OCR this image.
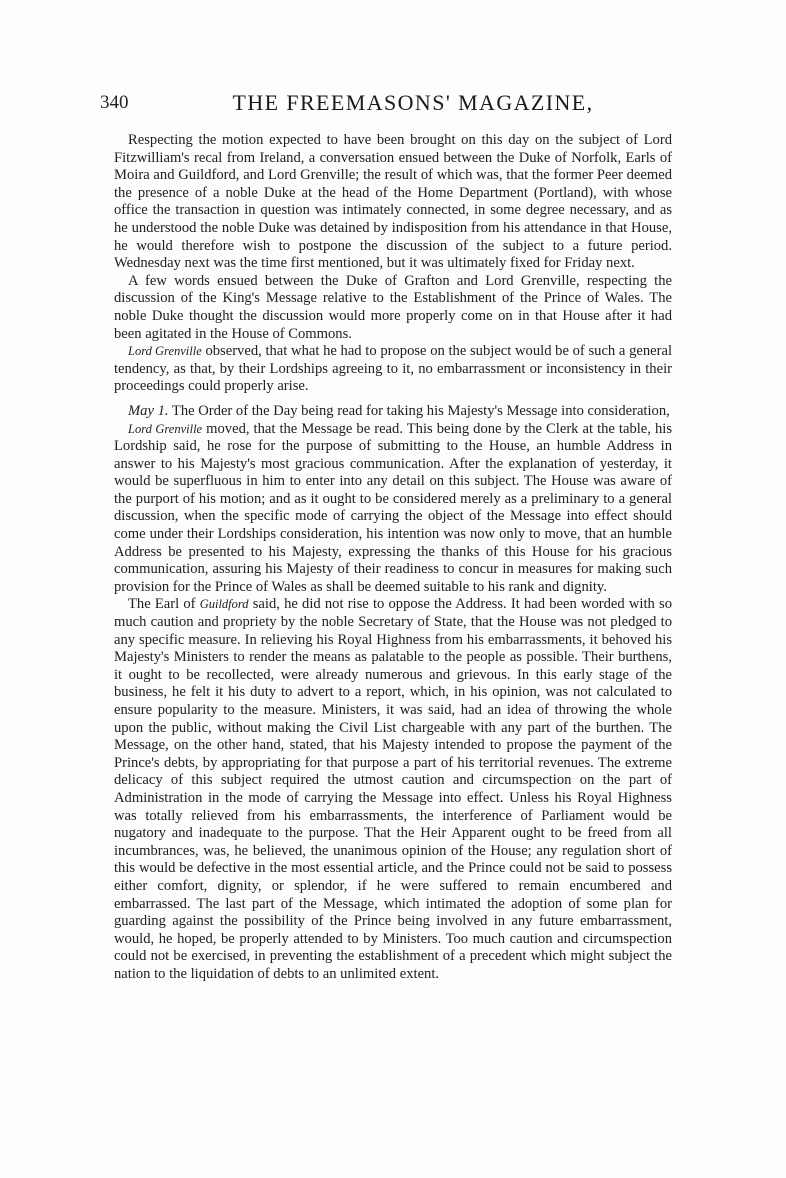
340	THE FREEMASONS' MAGAZINE,

Respecting the motion expected to have been brought on this day on the subject of Lord Fitzwilliam's recal from Ireland, a conversation ensued between the Duke of Norfolk, Earls of Moira and Guildford, and Lord Grenville; the result of which was, that the former Peer deemed the presence of a noble Duke at the head of the Home Department (Portland), with whose office the transaction in question was intimately connected, in some degree necessary, and as he understood the noble Duke was detained by indisposition from his attendance in that House, he would therefore wish to postpone the discussion of the subject to a future period. Wednesday next was the time first mentioned, but it was ultimately fixed for Friday next.

A few words ensued between the Duke of Grafton and Lord Grenville, respecting the discussion of the King's Message relative to the Establishment of the Prince of Wales. The noble Duke thought the discussion would more properly come on in that House after it had been agitated in the House of Commons.

Lord Grenville observed, that what he had to propose on the subject would be of such a general tendency, as that, by their Lordships agreeing to it, no embarrassment or inconsistency in their proceedings could properly arise.

May 1. The Order of the Day being read for taking his Majesty's Message into consideration,

Lord Grenville moved, that the Message be read. This being done by the Clerk at the table, his Lordship said, he rose for the purpose of submitting to the House, an humble Address in answer to his Majesty's most gracious communication. After the explanation of yesterday, it would be superfluous in him to enter into any detail on this subject. The House was aware of the purport of his motion; and as it ought to be considered merely as a preliminary to a general discussion, when the specific mode of carrying the object of the Message into effect should come under their Lordships consideration, his intention was now only to move, that an humble Address be presented to his Majesty, expressing the thanks of this House for his gracious communication, assuring his Majesty of their readiness to concur in measures for making such provision for the Prince of Wales as shall be deemed suitable to his rank and dignity.

The Earl of Guildford said, he did not rise to oppose the Address. It had been worded with so much caution and propriety by the noble Secretary of State, that the House was not pledged to any specific measure. In relieving his Royal Highness from his embarrassments, it behoved his Majesty's Ministers to render the means as palatable to the people as possible. Their burthens, it ought to be recollected, were already numerous and grievous. In this early stage of the business, he felt it his duty to advert to a report, which, in his opinion, was not calculated to ensure popularity to the measure. Ministers, it was said, had an idea of throwing the whole upon the public, without making the Civil List chargeable with any part of the burthen. The Message, on the other hand, stated, that his Majesty intended to propose the payment of the Prince's debts, by appropriating for that purpose a part of his territorial revenues. The extreme delicacy of this subject required the utmost caution and circumspection on the part of Administration in the mode of carrying the Message into effect. Unless his Royal Highness was totally relieved from his embarrassments, the interference of Parliament would be nugatory and inadequate to the purpose. That the Heir Apparent ought to be freed from all incumbrances, was, he believed, the unanimous opinion of the House; any regulation short of this would be defective in the most essential article, and the Prince could not be said to possess either comfort, dignity, or splendor, if he were suffered to remain encumbered and embarrassed. The last part of the Message, which intimated the adoption of some plan for guarding against the possibility of the Prince being involved in any future embarrassment, would, he hoped, be properly attended to by Ministers. Too much caution and circumspection could not be exercised, in preventing the establishment of a precedent which might subject the nation to the liquidation of debts to an unlimited extent.
